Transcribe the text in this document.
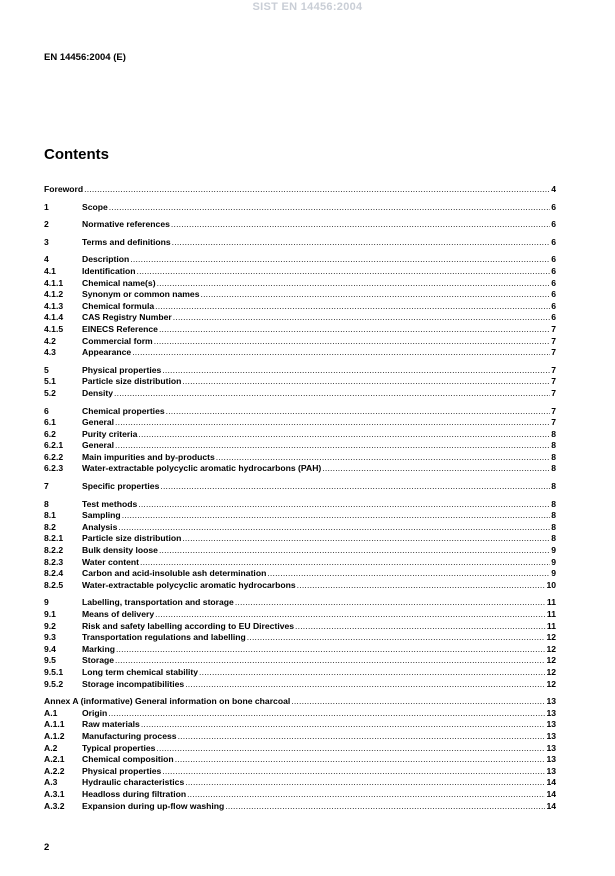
SIST EN 14456:2004
EN 14456:2004 (E)
Contents
Foreword .....	4
1	Scope .....	6
2	Normative references .....	6
3	Terms and definitions .....	6
4	Description .....	6
4.1	Identification .....	6
4.1.1	Chemical name(s) .....	6
4.1.2	Synonym or common names .....	6
4.1.3	Chemical formula .....	6
4.1.4	CAS Registry Number .....	6
4.1.5	EINECS Reference .....	7
4.2	Commercial form .....	7
4.3	Appearance .....	7
5	Physical properties .....	7
5.1	Particle size distribution .....	7
5.2	Density .....	7
6	Chemical properties .....	7
6.1	General .....	7
6.2	Purity criteria .....	8
6.2.1	General .....	8
6.2.2	Main impurities and by-products .....	8
6.2.3	Water-extractable polycyclic aromatic hydrocarbons (PAH) .....	8
7	Specific properties .....	8
8	Test methods .....	8
8.1	Sampling .....	8
8.2	Analysis .....	8
8.2.1	Particle size distribution .....	8
8.2.2	Bulk density loose .....	9
8.2.3	Water content .....	9
8.2.4	Carbon and acid-insoluble ash determination .....	9
8.2.5	Water-extractable polycyclic aromatic hydrocarbons .....	10
9	Labelling, transportation and storage .....	11
9.1	Means of delivery .....	11
9.2	Risk and safety labelling according to EU Directives .....	11
9.3	Transportation regulations and labelling .....	12
9.4	Marking .....	12
9.5	Storage .....	12
9.5.1	Long term chemical stability .....	12
9.5.2	Storage incompatibilities .....	12
Annex A (informative) General information on bone charcoal .....	13
A.1	Origin .....	13
A.1.1	Raw materials .....	13
A.1.2	Manufacturing process .....	13
A.2	Typical properties .....	13
A.2.1	Chemical composition .....	13
A.2.2	Physical properties .....	13
A.3	Hydraulic characteristics .....	14
A.3.1	Headloss during filtration .....	14
A.3.2	Expansion during up-flow washing .....	14
2
